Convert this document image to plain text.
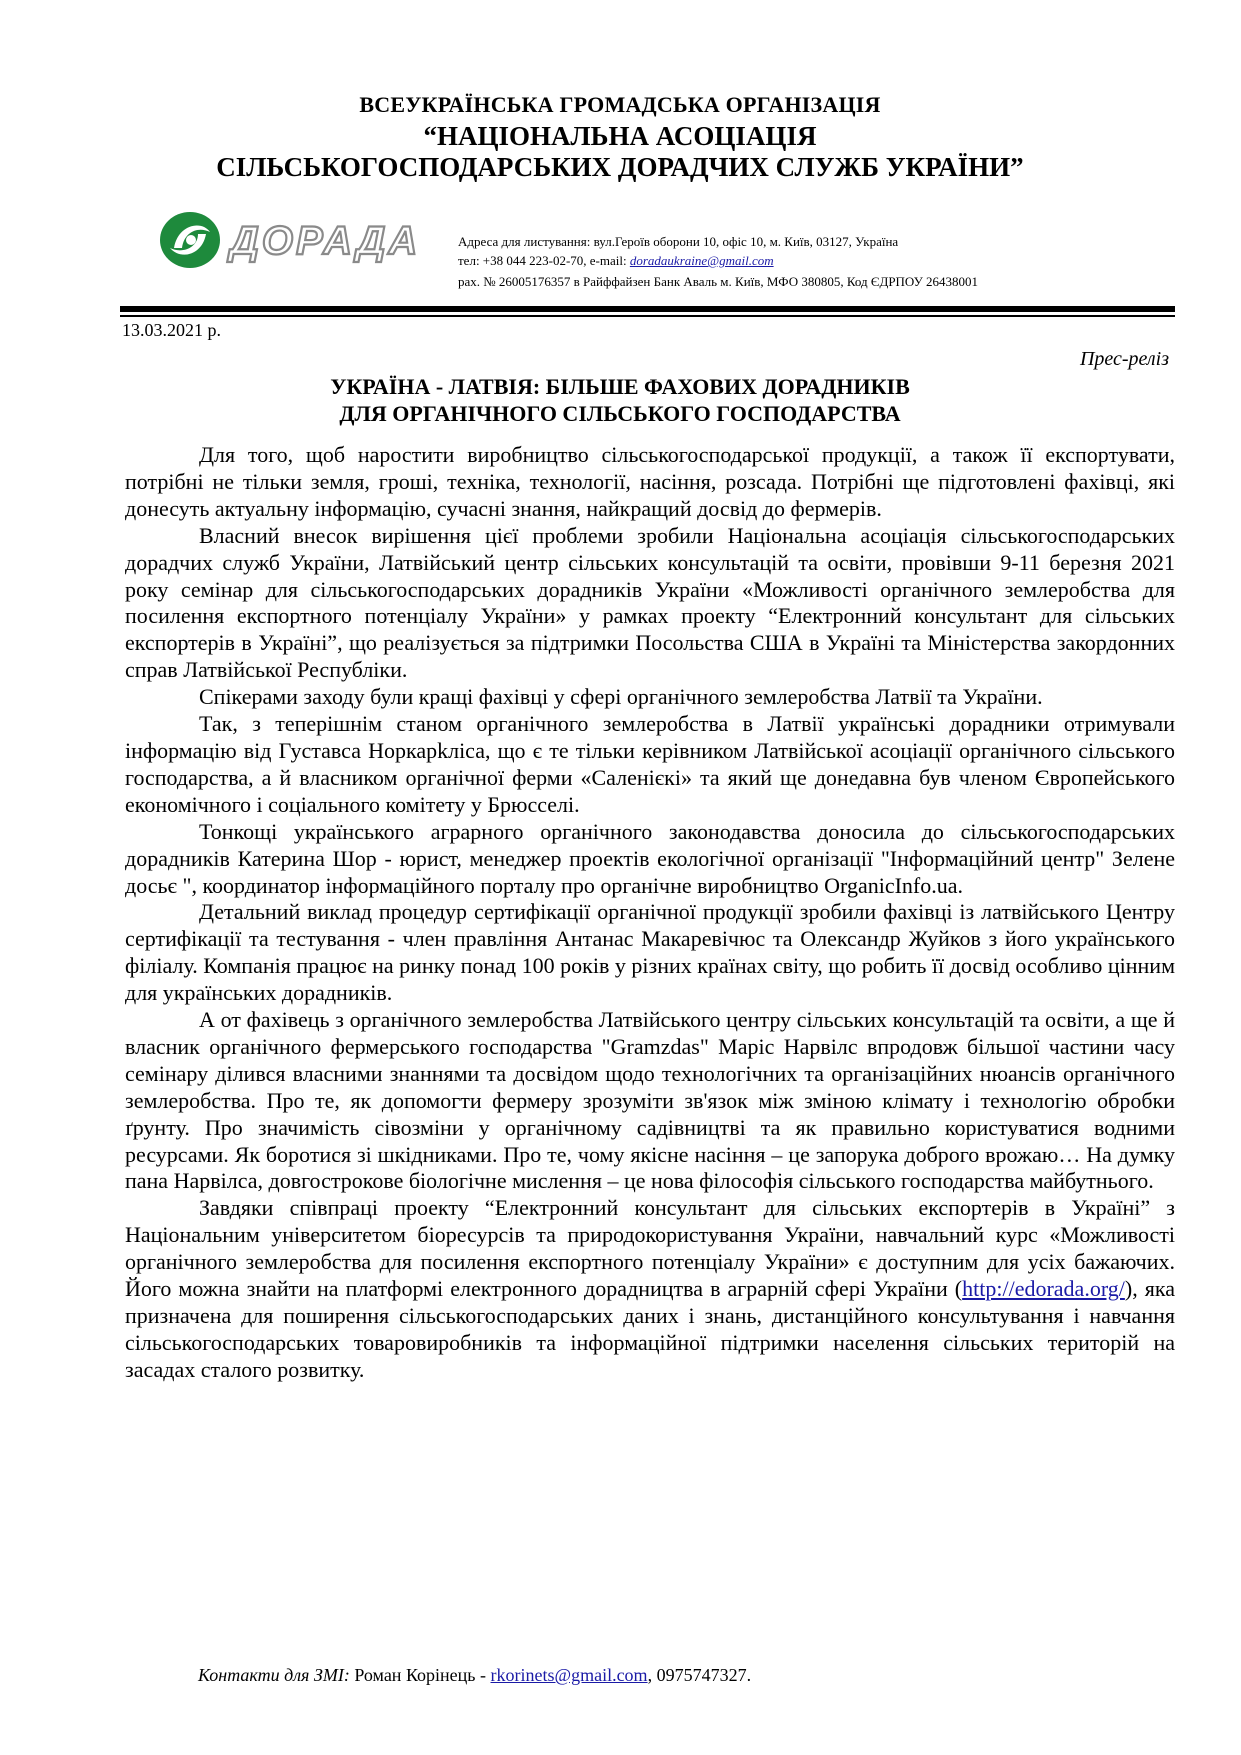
ВСЕУКРАЇНСЬКА ГРОМАДСЬКА ОРГАНІЗАЦІЯ
“НАЦІОНАЛЬНА АСОЦІАЦІЯ
СІЛЬСЬКОГОСПОДАРСЬКИХ ДОРАДЧИХ СЛУЖБ УКРАЇНИ”
ДОРАДА	Адреса для листування: вул.Героїв оборони 10, офіс 10, м. Київ, 03127, Україна
тел: +38 044 223-02-70, e-mail: doradaukraine@gmail.com
рах. № 26005176357 в Райффайзен Банк Аваль м. Київ, МФО 380805, Код ЄДРПОУ 26438001
13.03.2021 р.
Прес-реліз
УКРАЇНА - ЛАТВІЯ: БІЛЬШЕ ФАХОВИХ ДОРАДНИКІВ
ДЛЯ ОРГАНІЧНОГО СІЛЬСЬКОГО ГОСПОДАРСТВА

Для того, щоб наростити виробництво сільськогосподарської продукції, а також її експортувати, потрібні не тільки земля, гроші, техніка, технології, насіння, розсада. Потрібні ще підготовлені фахівці, які донесуть актуальну інформацію, сучасні знання, найкращий досвід до фермерів.

Власний внесок вирішення цієї проблеми зробили Національна асоціація сільськогосподарських дорадчих служб України, Латвійський центр сільських консультацій та освіти, провівши 9-11 березня 2021 року семінар для сільськогосподарських дорадників України «Можливості органічного землеробства для посилення експортного потенціалу України» у рамках проекту “Електронний консультант для сільських експортерів в Україні”, що реалізується за підтримки Посольства США в Україні та Міністерства закордонних справ Латвійської Республіки.

Спікерами заходу були кращі фахівці у сфері органічного землеробства Латвії та України.

Так, з теперішнім станом органічного землеробства в Латвії українські дорадники отримували інформацію від Густавса Норкарkліса, що є те тільки керівником Латвійської асоціації органічного сільського господарства, а й власником органічної ферми «Саленієкі» та який ще донедавна був членом Європейського економічного і соціального комітету у Брюсселі.

Тонкощі українського аграрного органічного законодавства доносила до сільськогосподарських дорадників Катерина Шор - юрист, менеджер проектів екологічної організації "Інформаційний центр" Зелене досьє ", координатор інформаційного порталу про органічне виробництво OrganicInfo.ua.

Детальний виклад процедур сертифікації органічної продукції зробили фахівці із латвійського Центру сертифікації та тестування - член правління Антанас Макаревічюс та Олександр Жуйков з його українського філіалу. Компанія працює на ринку понад 100 років у різних країнах світу, що робить її досвід особливо цінним для українських дорадників.

А от фахівець з органічного землеробства Латвійського центру сільських консультацій та освіти, а ще й власник органічного фермерського господарства "Gramzdas" Маріс Нарвілс впродовж більшої частини часу семінару ділився власними знаннями та досвідом щодо технологічних та організаційних нюансів органічного землеробства. Про те, як допомогти фермеру зрозуміти зв'язок між зміною клімату і технологію обробки ґрунту. Про значимість сівозміни у органічному садівництві та як правильно користуватися водними ресурсами. Як боротися зі шкідниками. Про те, чому якісне насіння – це запорука доброго врожаю… На думку пана Нарвілса, довгострокове біологічне мислення – це нова філософія сільського господарства майбутнього.

Завдяки співпраці проекту “Електронний консультант для сільських експортерів в Україні” з Національним університетом біоресурсів та природокористування України, навчальний курс «Можливості органічного землеробства для посилення експортного потенціалу України» є доступним для усіх бажаючих. Його можна знайти на платформі електронного дорадництва в аграрній сфері України (http://edorada.org/), яка призначена для поширення сільськогосподарських даних і знань, дистанційного консультування і навчання сільськогосподарських товаровиробників та інформаційної підтримки населення сільських територій на засадах сталого розвитку.

Контакти для ЗМІ: Роман Корінець - rkorinets@gmail.com, 0975747327.
